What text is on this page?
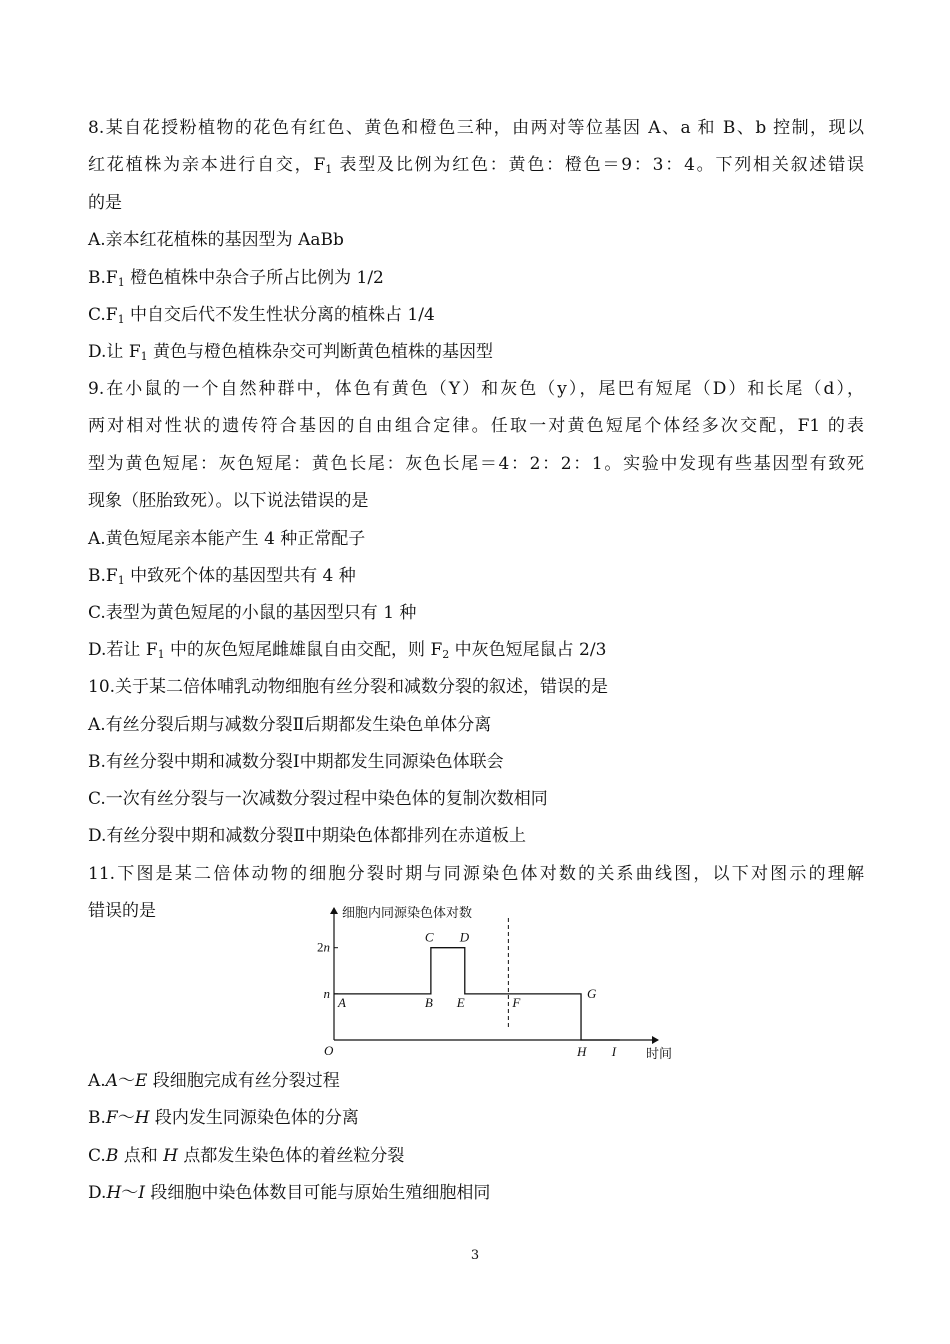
8.某自花授粉植物的花色有红色、黄色和橙色三种，由两对等位基因 A、a 和 B、b 控制，现以
红花植株为亲本进行自交，$F_1$ 表型及比例为红色：黄色：橙色＝9：3：4。下列相关叙述错误
的是
A.亲本红花植株的基因型为 AaBb
$B.F_1$ 橙色植株中杂合子所占比例为 1/2
$C.F_1$ 中自交后代不发生性状分离的植株占 1/4
D.让 $F_1$ 黄色与橙色植株杂交可判断黄色植株的基因型
9.在小鼠的一个自然种群中，体色有黄色（Y）和灰色（y），尾巴有短尾（D）和长尾（d），
两对相对性状的遗传符合基因的自由组合定律。任取一对黄色短尾个体经多次交配，F1 的表
型为黄色短尾：灰色短尾：黄色长尾：灰色长尾＝4：2：2：1。实验中发现有些基因型有致死
现象（胚胎致死）。以下说法错误的是
A.黄色短尾亲本能产生 4 种正常配子
$B.F_1$ 中致死个体的基因型共有 4 种
C.表型为黄色短尾的小鼠的基因型只有 1 种
D.若让 $F_1$ 中的灰色短尾雌雄鼠自由交配，则 $F_2$ 中灰色短尾鼠占 2/3
10.关于某二倍体哺乳动物细胞有丝分裂和减数分裂的叙述，错误的是
A.有丝分裂后期与减数分裂Ⅱ后期都发生染色单体分离
B.有丝分裂中期和减数分裂Ⅰ中期都发生同源染色体联会
C.一次有丝分裂与一次减数分裂过程中染色体的复制次数相同
D.有丝分裂中期和减数分裂Ⅱ中期染色体都排列在赤道板上
11.下图是某二倍体动物的细胞分裂时期与同源染色体对数的关系曲线图，以下对图示的理解
错误的是	细胞内同源染色体对数
时间
O
2n
n
A	B
C D
E	F
G
H I
A.A～E 段细胞完成有丝分裂过程
B.F～H 段内发生同源染色体的分离
C.B 点和 H 点都发生染色体的着丝粒分裂
D.H～I 段细胞中染色体数目可能与原始生殖细胞相同
3
